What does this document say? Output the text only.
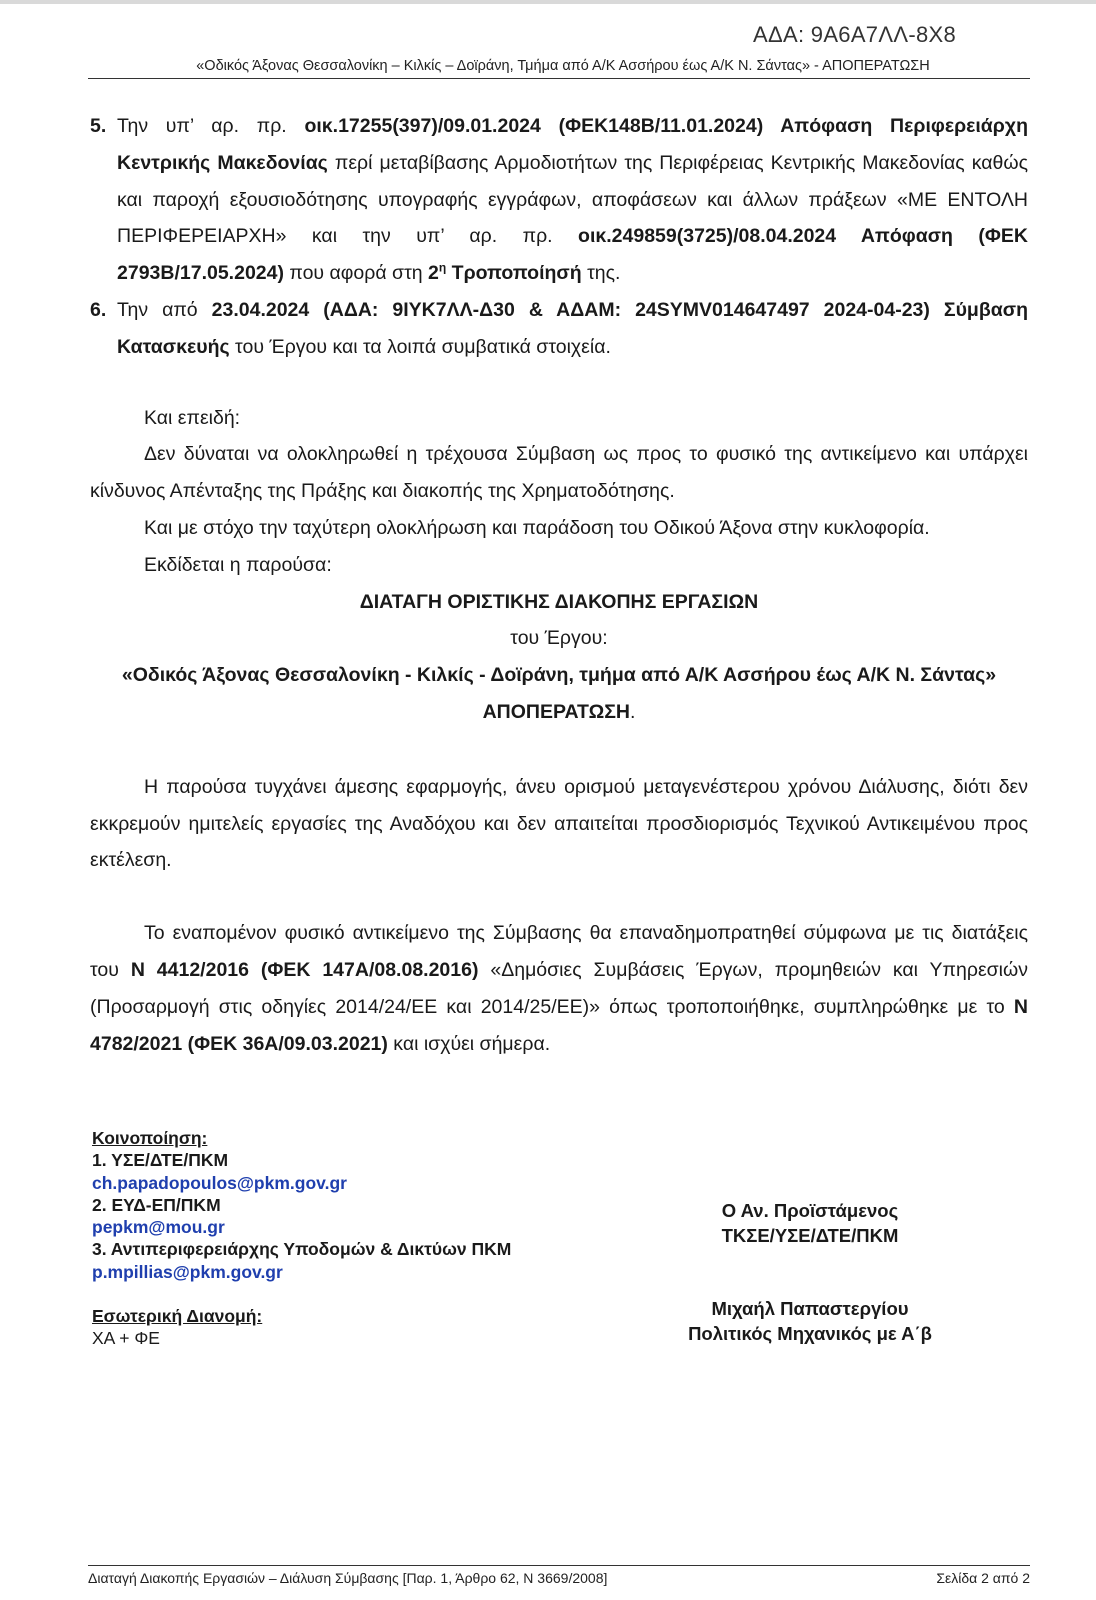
ΑΔΑ: 9Α6Α7ΛΛ-8Χ8
«Οδικός Άξονας Θεσσαλονίκη – Κιλκίς – Δοϊράνη, Τμήμα από Α/Κ Ασσήρου έως Α/Κ Ν. Σάντας» - ΑΠΟΠΕΡΑΤΩΣΗ
5. Την υπ’ αρ. πρ. οικ.17255(397)/09.01.2024 (ΦΕΚ148Β/11.01.2024) Απόφαση Περιφερειάρχη Κεντρικής Μακεδονίας περί μεταβίβασης Αρμοδιοτήτων της Περιφέρειας Κεντρικής Μακεδονίας καθώς και παροχή εξουσιοδότησης υπογραφής εγγράφων, αποφάσεων και άλλων πράξεων «ΜΕ ΕΝΤΟΛΗ ΠΕΡΙΦΕΡΕΙΑΡΧΗ» και την υπ’ αρ. πρ. οικ.249859(3725)/08.04.2024 Απόφαση (ΦΕΚ 2793Β/17.05.2024) που αφορά στη $2^\eta$ Τροποποίησή της.
6. Την από 23.04.2024 (ΑΔΑ: 9ΙΥΚ7ΛΛ-Δ30 & ΑΔΑΜ: 24SYMV014647497 2024-04-23) Σύμβαση Κατασκευής του Έργου και τα λοιπά συμβατικά στοιχεία.

Και επειδή:

Δεν δύναται να ολοκληρωθεί η τρέχουσα Σύμβαση ως προς το φυσικό της αντικείμενο και υπάρχει κίνδυνος Απένταξης της Πράξης και διακοπής της Χρηματοδότησης.

Και με στόχο την ταχύτερη ολοκλήρωση και παράδοση του Οδικού Άξονα στην κυκλοφορία.

Εκδίδεται η παρούσα:

ΔΙΑΤΑΓΗ ΟΡΙΣΤΙΚΗΣ ΔΙΑΚΟΠΗΣ ΕΡΓΑΣΙΩΝ

του Έργου:

«Οδικός Άξονας Θεσσαλονίκη - Κιλκίς - Δοϊράνη, τμήμα από Α/Κ Ασσήρου έως Α/Κ Ν. Σάντας» ΑΠΟΠΕΡΑΤΩΣΗ.

Η παρούσα τυγχάνει άμεσης εφαρμογής, άνευ ορισμού μεταγενέστερου χρόνου Διάλυσης, διότι δεν εκκρεμούν ημιτελείς εργασίες της Αναδόχου και δεν απαιτείται προσδιορισμός Τεχνικού Αντικειμένου προς εκτέλεση.

Το εναπομένον φυσικό αντικείμενο της Σύμβασης θα επαναδημοπρατηθεί σύμφωνα με τις διατάξεις του Ν 4412/2016 (ΦΕΚ 147Α/08.08.2016) «Δημόσιες Συμβάσεις Έργων, προμηθειών και Υπηρεσιών (Προσαρμογή στις οδηγίες 2014/24/ΕΕ και 2014/25/ΕΕ)» όπως τροποποιήθηκε, συμπληρώθηκε με το Ν 4782/2021 (ΦΕΚ 36Α/09.03.2021) και ισχύει σήμερα.

Κοινοποίηση:
1. ΥΣΕ/ΔΤΕ/ΠΚΜ
ch.papadopoulos@pkm.gov.gr
2. ΕΥΔ-ΕΠ/ΠΚΜ
pepkm@mou.gr
3. Αντιπεριφερειάρχης Υποδομών & Δικτύων ΠΚΜ
p.mpillias@pkm.gov.gr
Εσωτερική Διανομή:
ΧΑ + ΦΕ
Ο Αν. Προϊστάμενος
ΤΚΣΕ/ΥΣΕ/ΔΤΕ/ΠΚΜ
Μιχαήλ Παπαστεργίου
Πολιτικός Μηχανικός με Α΄β
Διαταγή Διακοπής Εργασιών – Διάλυση Σύμβασης [Παρ. 1, Άρθρο 62, Ν 3669/2008]	Σελίδα 2 από 2
